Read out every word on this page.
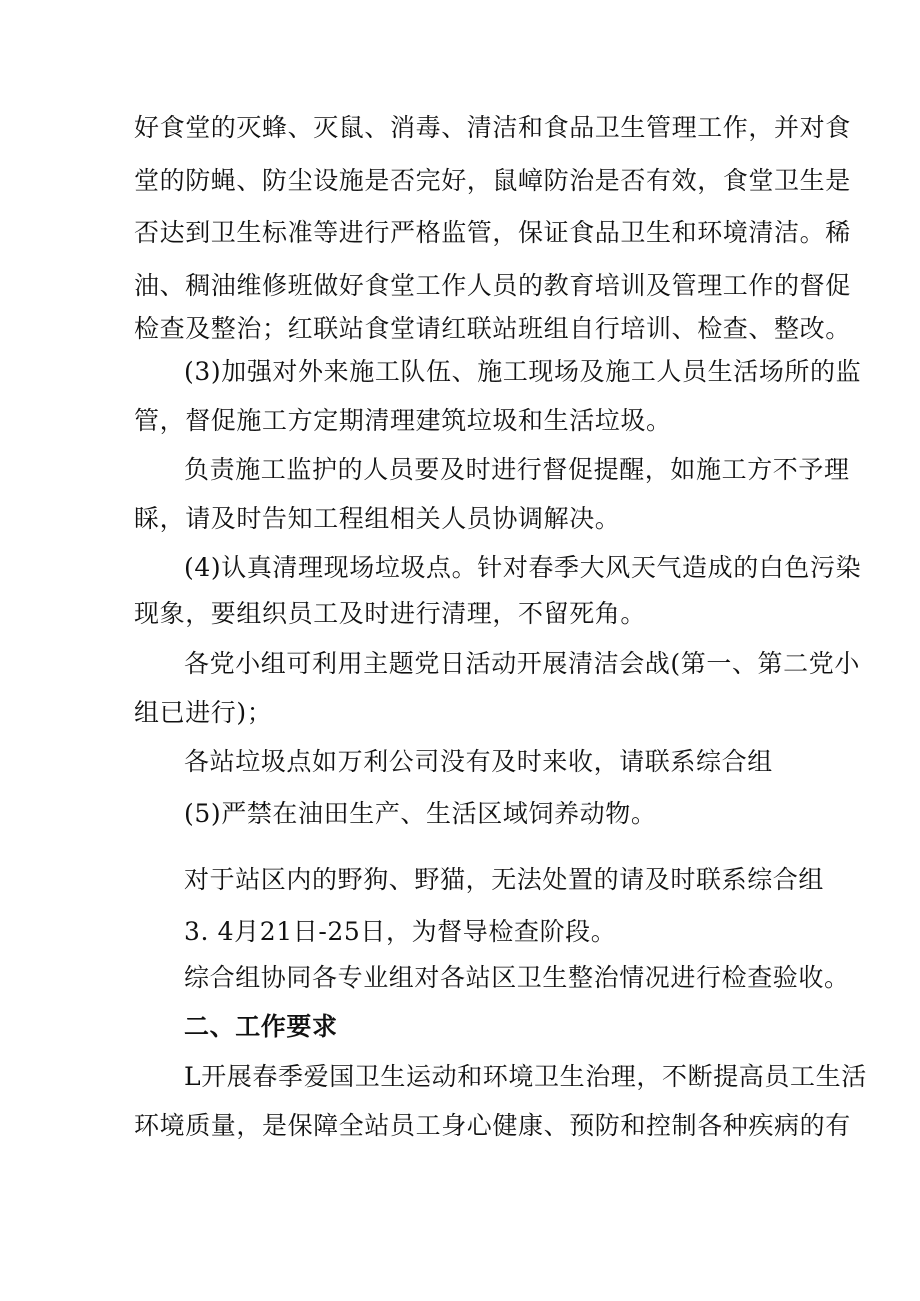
好食堂的灭蜂、灭鼠、消毒、清洁和食品卫生管理工作，并对食
堂的防蝇、防尘设施是否完好，鼠嶂防治是否有效，食堂卫生是
否达到卫生标准等进行严格监管，保证食品卫生和环境清洁。稀
油、稠油维修班做好食堂工作人员的教育培训及管理工作的督促
检查及整治；红联站食堂请红联站班组自行培训、检查、整改。
(3)加强对外来施工队伍、施工现场及施工人员生活场所的监
管，督促施工方定期清理建筑垃圾和生活垃圾。
负责施工监护的人员要及时进行督促提醒，如施工方不予理
睬，请及时告知工程组相关人员协调解决。
(4)认真清理现场垃圾点。针对春季大风天气造成的白色污染
现象，要组织员工及时进行清理，不留死角。
各党小组可利用主题党日活动开展清洁会战(第一、第二党小
组已进行)；
各站垃圾点如万利公司没有及时来收，请联系综合组
(5)严禁在油田生产、生活区域饲养动物。
对于站区内的野狗、野猫，无法处置的请及时联系综合组
3. 4月21日-25日，为督导检查阶段。
综合组协同各专业组对各站区卫生整治情况进行检查验收。
二、工作要求
L开展春季爱国卫生运动和环境卫生治理，不断提高员工生活
环境质量，是保障全站员工身心健康、预防和控制各种疾病的有
